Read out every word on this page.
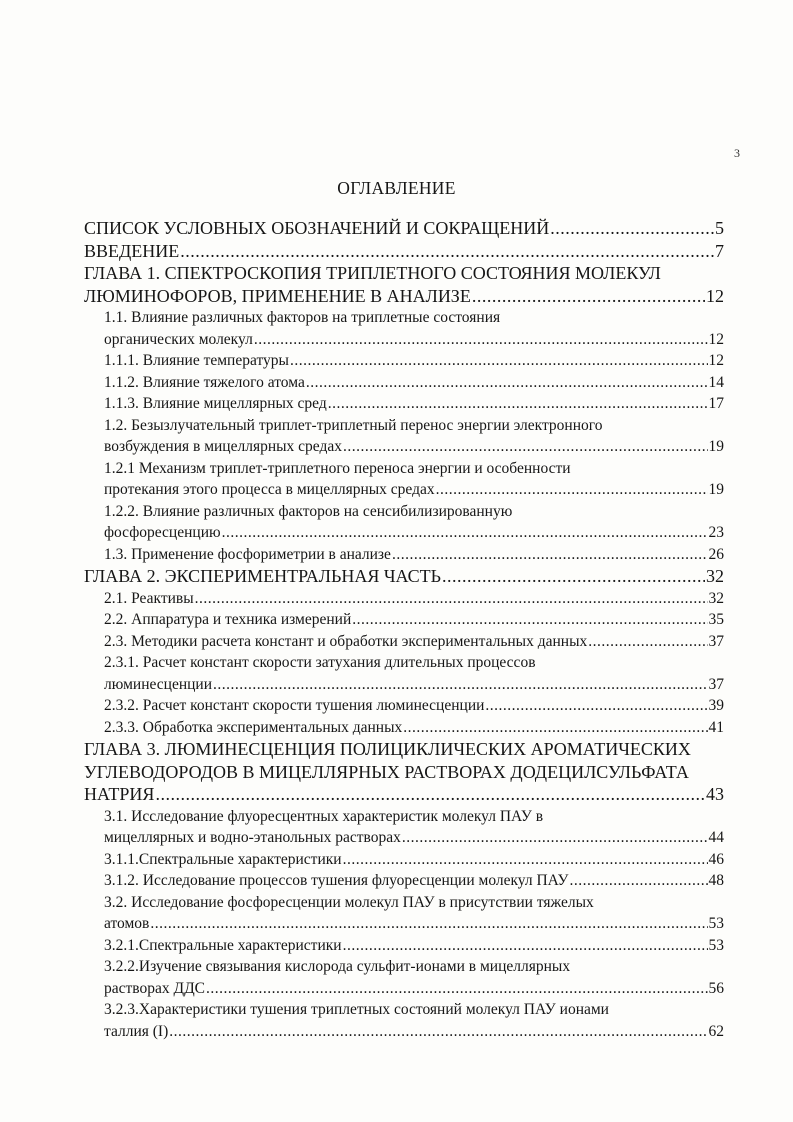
3
ОГЛАВЛЕНИЕ
СПИСОК УСЛОВНЫХ ОБОЗНАЧЕНИЙ И СОКРАЩЕНИЙ .....	5
ВВЕДЕНИЕ .....	7
ГЛАВА 1. СПЕКТРОСКОПИЯ ТРИПЛЕТНОГО СОСТОЯНИЯ МОЛЕКУЛ
ЛЮМИНОФОРОВ, ПРИМЕНЕНИЕ В АНАЛИЗЕ .....	12
1.1. Влияние различных факторов на триплетные состояния
органических молекул .....	12
1.1.1. Влияние температуры .....	12
1.1.2. Влияние тяжелого атома .....	14
1.1.3. Влияние мицеллярных сред .....	17
1.2. Безызлучательный триплет-триплетный перенос энергии электронного
возбуждения в мицеллярных средах .....	19
1.2.1 Механизм триплет-триплетного переноса энергии и особенности
протекания этого процесса в мицеллярных средах .....	19
1.2.2. Влияние различных факторов на сенсибилизированную
фосфоресценцию .....	23
1.3. Применение фосфориметрии в анализе .....	26
ГЛАВА 2. ЭКСПЕРИМЕНТРАЛЬНАЯ ЧАСТЬ .....	32
2.1. Реактивы .....	32
2.2. Аппаратура и техника измерений .....	35
2.3. Методики расчета констант и обработки экспериментальных данных .....	37
2.3.1. Расчет констант скорости затухания длительных процессов
люминесценции .....	37
2.3.2. Расчет констант скорости тушения люминесценции .....	39
2.3.3. Обработка экспериментальных данных .....	41
ГЛАВА 3. ЛЮМИНЕСЦЕНЦИЯ ПОЛИЦИКЛИЧЕСКИХ АРОМАТИЧЕСКИХ
УГЛЕВОДОРОДОВ В МИЦЕЛЛЯРНЫХ РАСТВОРАХ ДОДЕЦИЛСУЛЬФАТА
НАТРИЯ .....	43
3.1. Исследование флуоресцентных характеристик молекул ПАУ в
мицеллярных и водно-этанольных растворах .....	44
3.1.1.Спектральные характеристики .....	46
3.1.2. Исследование процессов тушения флуоресценции молекул ПАУ .....	48
3.2. Исследование фосфоресценции молекул ПАУ в присутствии тяжелых
атомов .....	53
3.2.1.Спектральные характеристики .....	53
3.2.2.Изучение связывания кислорода сульфит-ионами в мицеллярных
растворах ДДС .....	56
3.2.3.Характеристики тушения триплетных состояний молекул ПАУ ионами
таллия (I) .....	62
